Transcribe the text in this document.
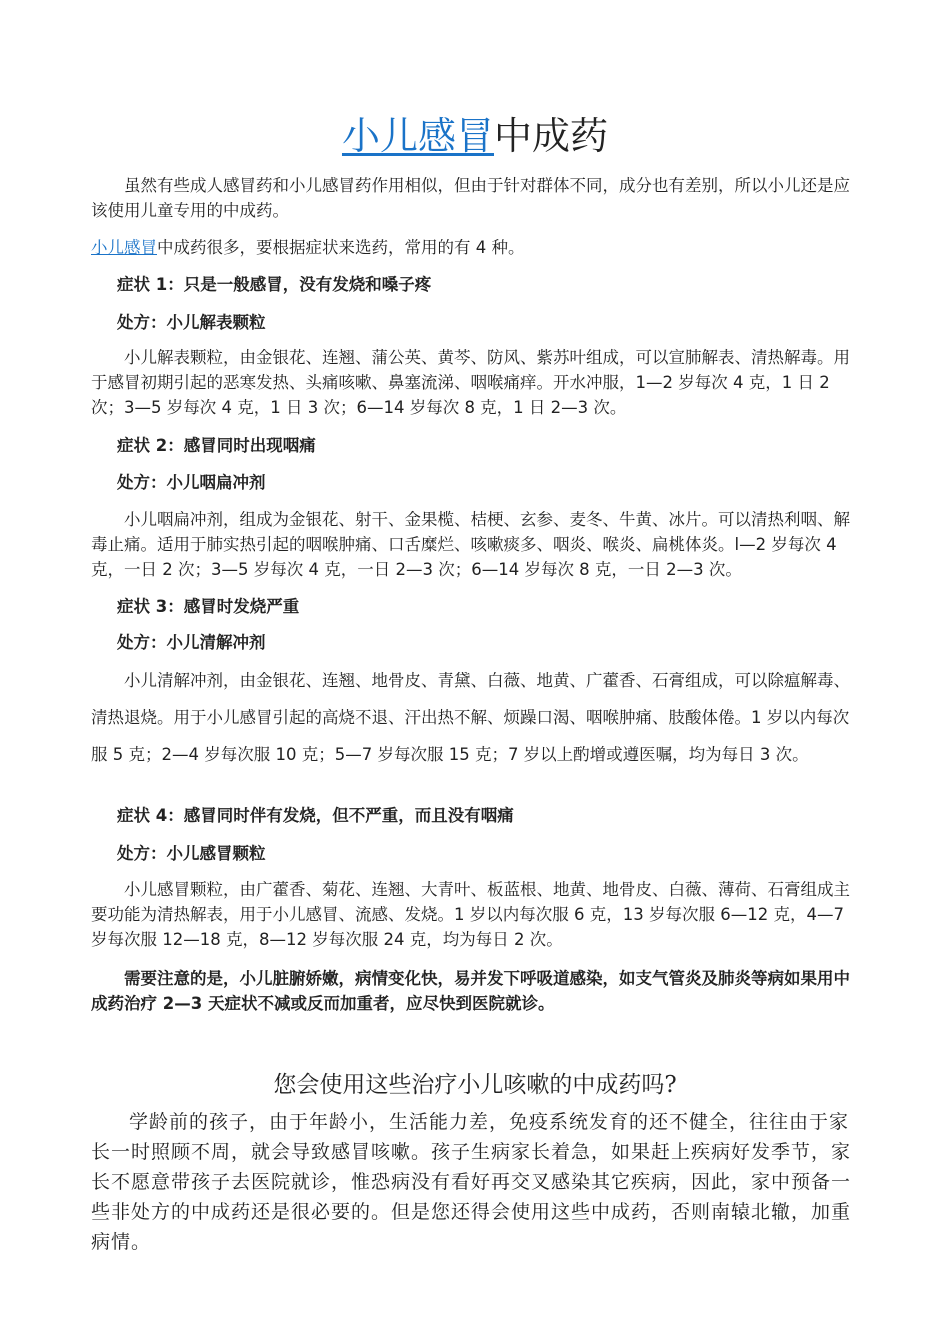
小儿感冒中成药

虽然有些成人感冒药和小儿感冒药作用相似，但由于针对群体不同，成分也有差别，所以小儿还是应该使用儿童专用的中成药。

小儿感冒中成药很多，要根据症状来选药，常用的有 4 种。

症状 1：只是一般感冒，没有发烧和嗓子疼
处方：小儿解表颗粒

小儿解表颗粒，由金银花、连翘、蒲公英、黄芩、防风、紫苏叶组成，可以宣肺解表、清热解毒。用于感冒初期引起的恶寒发热、头痛咳嗽、鼻塞流涕、咽喉痛痒。开水冲服，1—2 岁每次 4 克，1 日 2 次；3—5 岁每次 4 克，1 日 3 次；6—14 岁每次 8 克，1 日 2—3 次。

症状 2：感冒同时出现咽痛
处方：小儿咽扁冲剂

小儿咽扁冲剂，组成为金银花、射干、金果榄、桔梗、玄参、麦冬、牛黄、冰片。可以清热利咽、解毒止痛。适用于肺实热引起的咽喉肿痛、口舌糜烂、咳嗽痰多、咽炎、喉炎、扁桃体炎。l—2 岁每次 4 克，一日 2 次；3—5 岁每次 4 克，一日 2—3 次；6—14 岁每次 8 克，一日 2—3 次。

症状 3：感冒时发烧严重
处方：小儿清解冲剂

小儿清解冲剂，由金银花、连翘、地骨皮、青黛、白薇、地黄、广藿香、石膏组成，可以除瘟解毒、清热退烧。用于小儿感冒引起的高烧不退、汗出热不解、烦躁口渴、咽喉肿痛、肢酸体倦。1 岁以内每次服 5 克；2—4 岁每次服 10 克；5—7 岁每次服 15 克；7 岁以上酌增或遵医嘱，均为每日 3 次。

症状 4：感冒同时伴有发烧，但不严重，而且没有咽痛
处方：小儿感冒颗粒

小儿感冒颗粒，由广藿香、菊花、连翘、大青叶、板蓝根、地黄、地骨皮、白薇、薄荷、石膏组成主要功能为清热解表，用于小儿感冒、流感、发烧。1 岁以内每次服 6 克，13 岁每次服 6—12 克，4—7 岁每次服 12—18 克，8—12 岁每次服 24 克，均为每日 2 次。

需要注意的是，小儿脏腑娇嫩，病情变化快，易并发下呼吸道感染，如支气管炎及肺炎等病如果用中成药治疗 2—3 天症状不减或反而加重者，应尽快到医院就诊。

您会使用这些治疗小儿咳嗽的中成药吗?

学龄前的孩子，由于年龄小，生活能力差，免疫系统发育的还不健全，往往由于家长一时照顾不周，就会导致感冒咳嗽。孩子生病家长着急，如果赶上疾病好发季节，家长不愿意带孩子去医院就诊，惟恐病没有看好再交叉感染其它疾病，因此，家中预备一些非处方的中成药还是很必要的。但是您还得会使用这些中成药，否则南辕北辙，加重病情。
